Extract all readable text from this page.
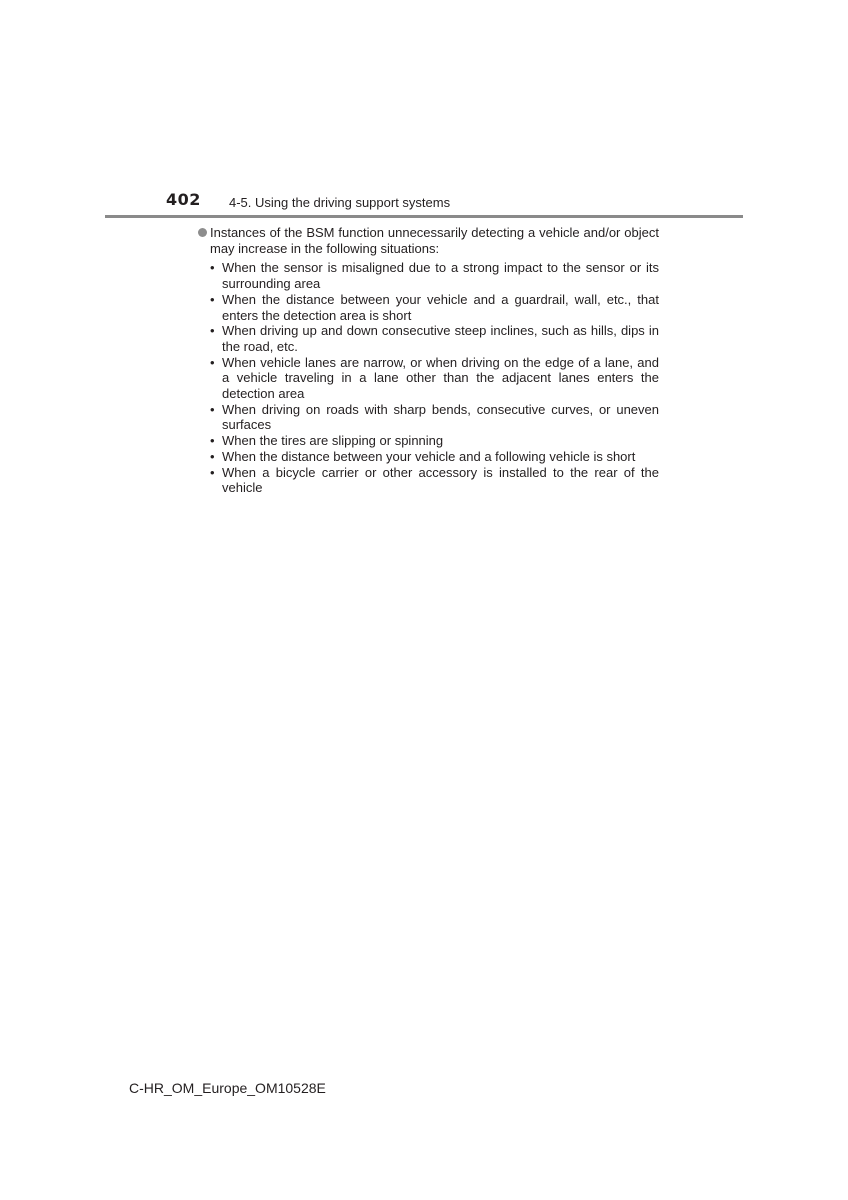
402 4-5. Using the driving support systems

Instances of the BSM function unnecessarily detecting a vehicle and/or object may increase in the following situations:

• When the sensor is misaligned due to a strong impact to the sensor or its surrounding area
• When the distance between your vehicle and a guardrail, wall, etc., that enters the detection area is short
• When driving up and down consecutive steep inclines, such as hills, dips in the road, etc.
• When vehicle lanes are narrow, or when driving on the edge of a lane, and a vehicle traveling in a lane other than the adjacent lanes enters the detection area
• When driving on roads with sharp bends, consecutive curves, or uneven surfaces
• When the tires are slipping or spinning
• When the distance between your vehicle and a following vehicle is short
• When a bicycle carrier or other accessory is installed to the rear of the vehicle
C-HR_OM_Europe_OM10528E
